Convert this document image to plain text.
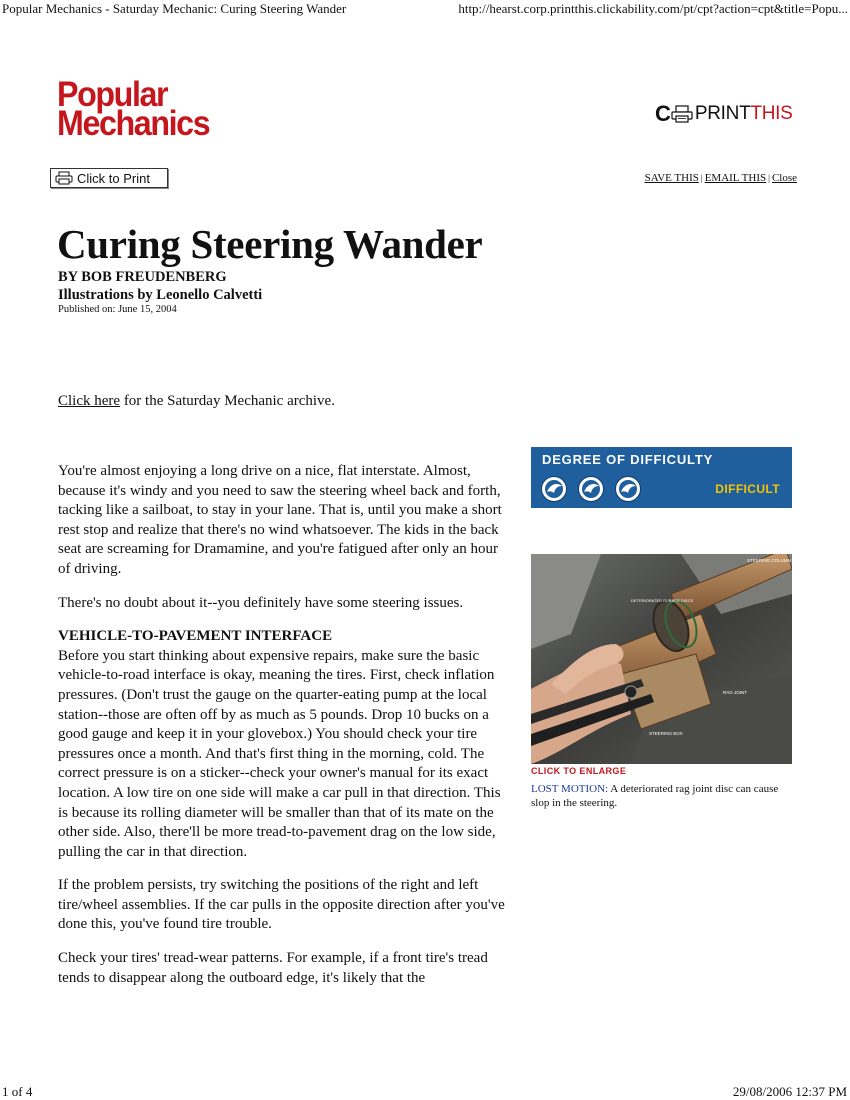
Popular Mechanics - Saturday Mechanic: Curing Steering Wander	http://hearst.corp.printthis.clickability.com/pt/cpt?action=cpt&title=Popu...
Popular
Mechanics	C PRINT THIS
Click to Print	SAVE THIS | EMAIL THIS | Close
Curing Steering Wander
BY BOB FREUDENBERG
Illustrations by Leonello Calvetti
Published on: June 15, 2004
Click here for the Saturday Mechanic archive.

You're almost enjoying a long drive on a nice, flat interstate. Almost, because it's windy and you need to saw the steering wheel back and forth, tacking like a sailboat, to stay in your lane. That is, until you make a short rest stop and realize that there's no wind whatsoever. The kids in the back seat are screaming for Dramamine, and you're fatigued after only an hour of driving.

There's no doubt about it--you definitely have some steering issues.

VEHICLE-TO-PAVEMENT INTERFACE

Before you start thinking about expensive repairs, make sure the basic vehicle-to-road interface is okay, meaning the tires. First, check inflation pressures. (Don't trust the gauge on the quarter-eating pump at the local station--those are often off by as much as 5 pounds. Drop 10 bucks on a good gauge and keep it in your glovebox.) You should check your tire pressures once a month. And that's first thing in the morning, cold. The correct pressure is on a sticker--check your owner's manual for its exact location. A low tire on one side will make a car pull in that direction. This is because its rolling diameter will be smaller than that of its mate on the other side. Also, there'll be more tread-to-pavement drag on the low side, pulling the car in that direction.

If the problem persists, try switching the positions of the right and left tire/wheel assemblies. If the car pulls in the opposite direction after you've done this, you've found tire trouble.

Check your tires' tread-wear patterns. For example, if a front tire's tread tends to disappear along the outboard edge, it's likely that the

DEGREE OF DIFFICULTY
DIFFICULT
STEERING COLUMN
DETERIORATED RUBBER DISCS
RAG JOINT
STEERING BOX
CLICK TO ENLARGE
LOST MOTION: A deteriorated rag joint disc can cause slop in the steering.
1 of 4	29/08/2006 12:37 PM
